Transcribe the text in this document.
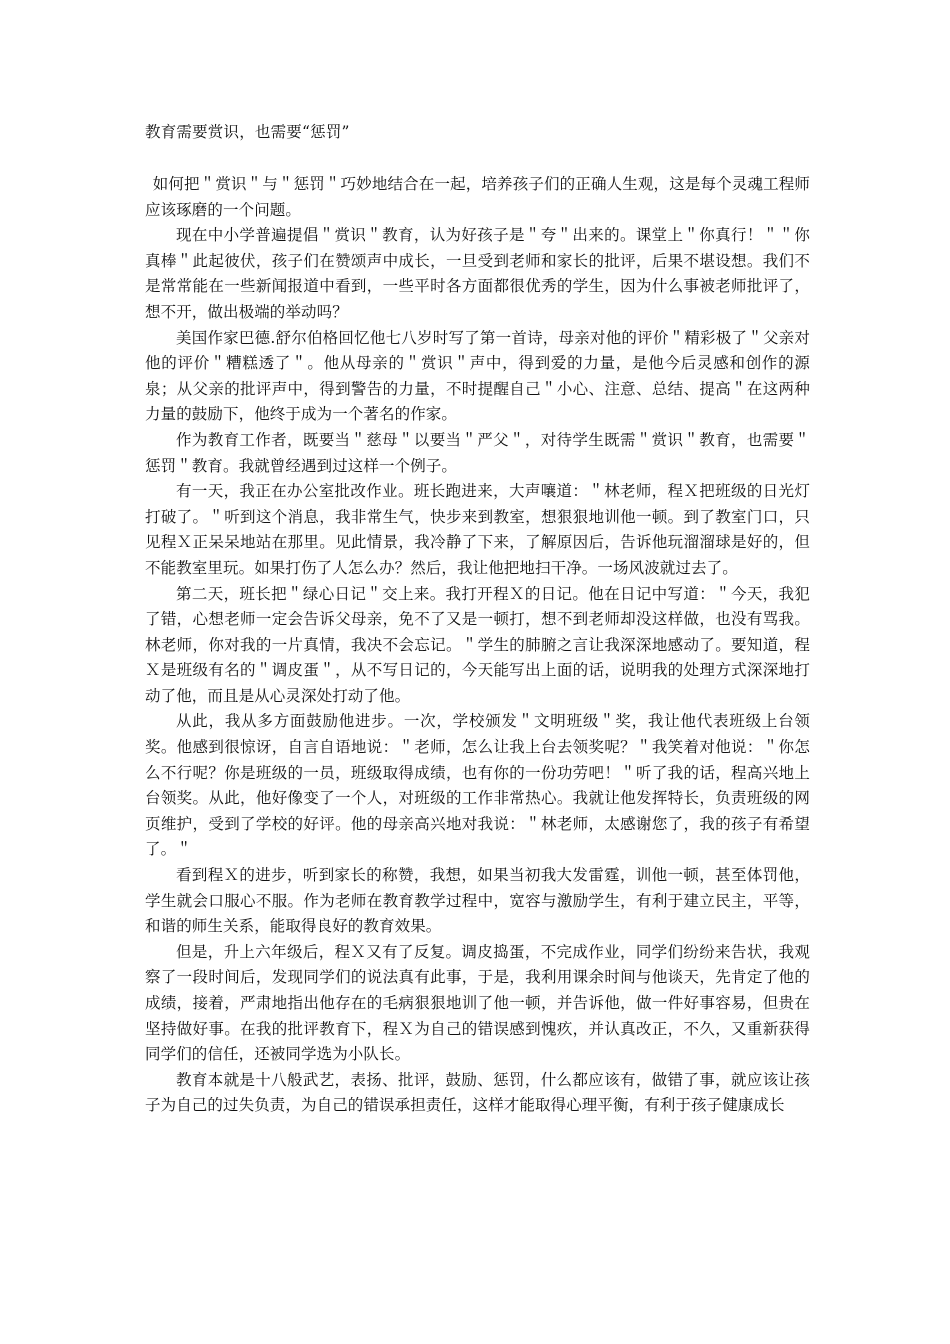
教育需要赏识，也需要“惩罚”

如何把＂赏识＂与＂惩罚＂巧妙地结合在一起，培养孩子们的正确人生观，这是每个灵魂工程师应该琢磨的一个问题。

现在中小学普遍提倡＂赏识＂教育，认为好孩子是＂夸＂出来的。课堂上＂你真行！＂＂你真棒＂此起彼伏，孩子们在赞颂声中成长，一旦受到老师和家长的批评，后果不堪设想。我们不是常常能在一些新闻报道中看到，一些平时各方面都很优秀的学生，因为什么事被老师批评了，想不开，做出极端的举动吗？

美国作家巴德.舒尔伯格回忆他七八岁时写了第一首诗，母亲对他的评价＂精彩极了＂父亲对他的评价＂糟糕透了＂。他从母亲的＂赏识＂声中，得到爱的力量，是他今后灵感和创作的源泉；从父亲的批评声中，得到警告的力量，不时提醒自己＂小心、注意、总结、提高＂在这两种力量的鼓励下，他终于成为一个著名的作家。

作为教育工作者，既要当＂慈母＂以要当＂严父＂，对待学生既需＂赏识＂教育，也需要＂惩罚＂教育。我就曾经遇到过这样一个例子。

有一天，我正在办公室批改作业。班长跑进来，大声嚷道：＂林老师，程Ｘ把班级的日光灯打破了。＂听到这个消息，我非常生气，快步来到教室，想狠狠地训他一顿。到了教室门口，只见程Ｘ正呆呆地站在那里。见此情景，我冷静了下来，了解原因后，告诉他玩溜溜球是好的，但不能教室里玩。如果打伤了人怎么办？然后，我让他把地扫干净。一场风波就过去了。

第二天，班长把＂绿心日记＂交上来。我打开程Ｘ的日记。他在日记中写道：＂今天，我犯了错，心想老师一定会告诉父母亲，免不了又是一顿打，想不到老师却没这样做，也没有骂我。林老师，你对我的一片真情，我决不会忘记。＂学生的肺腑之言让我深深地感动了。要知道，程Ｘ是班级有名的＂调皮蛋＂，从不写日记的，今天能写出上面的话，说明我的处理方式深深地打动了他，而且是从心灵深处打动了他。

从此，我从多方面鼓励他进步。一次，学校颁发＂文明班级＂奖，我让他代表班级上台领奖。他感到很惊讶，自言自语地说：＂老师，怎么让我上台去领奖呢？＂我笑着对他说：＂你怎么不行呢？你是班级的一员，班级取得成绩，也有你的一份功劳吧！＂听了我的话，程高兴地上台领奖。从此，他好像变了一个人，对班级的工作非常热心。我就让他发挥特长，负责班级的网页维护，受到了学校的好评。他的母亲高兴地对我说：＂林老师，太感谢您了，我的孩子有希望了。＂

看到程Ｘ的进步，听到家长的称赞，我想，如果当初我大发雷霆，训他一顿，甚至体罚他，学生就会口服心不服。作为老师在教育教学过程中，宽容与激励学生，有利于建立民主，平等，和谐的师生关系，能取得良好的教育效果。

但是，升上六年级后，程Ｘ又有了反复。调皮捣蛋，不完成作业，同学们纷纷来告状，我观察了一段时间后，发现同学们的说法真有此事，于是，我利用课余时间与他谈天，先肯定了他的成绩，接着，严肃地指出他存在的毛病狠狠地训了他一顿，并告诉他，做一件好事容易，但贵在坚持做好事。在我的批评教育下，程Ｘ为自己的错误感到愧疚，并认真改正，不久，又重新获得同学们的信任，还被同学选为小队长。

教育本就是十八般武艺，表扬、批评，鼓励、惩罚，什么都应该有，做错了事，就应该让孩子为自己的过失负责，为自己的错误承担责任，这样才能取得心理平衡，有利于孩子健康成长
